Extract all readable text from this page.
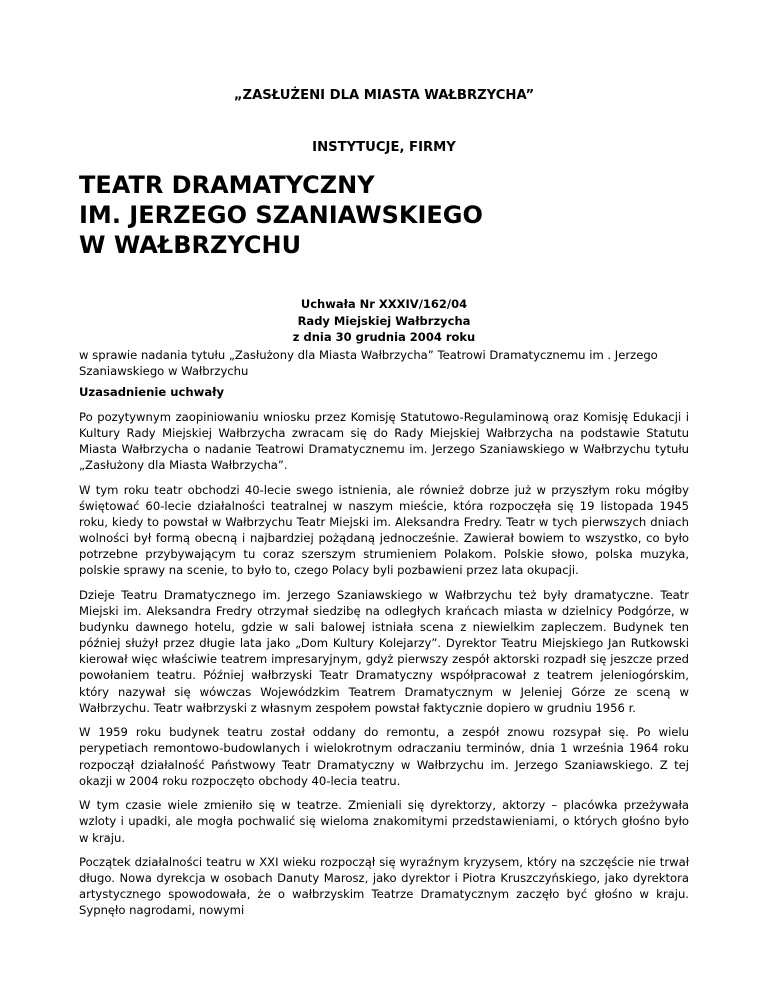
„ZASŁUŻENI DLA MIASTA WAŁBRZYCHA”
INSTYTUCJE, FIRMY
TEATR DRAMATYCZNY
IM. JERZEGO SZANIAWSKIEGO
W WAŁBRZYCHU
Uchwała Nr XXXIV/162/04
Rady Miejskiej Wałbrzycha
z dnia 30 grudnia 2004 roku

w sprawie nadania tytułu „Zasłużony dla Miasta Wałbrzycha” Teatrowi Dramatycznemu im . Jerzego Szaniawskiego w Wałbrzychu

Uzasadnienie uchwały

Po pozytywnym zaopiniowaniu wniosku przez Komisję Statutowo-Regulaminową oraz Komisję Edukacji i Kultury Rady Miejskiej Wałbrzycha zwracam się do Rady Miejskiej Wałbrzycha na podstawie Statutu Miasta Wałbrzycha o nadanie Teatrowi Dramatycznemu im. Jerzego Szaniawskiego w Wałbrzychu tytułu „Zasłużony dla Miasta Wałbrzycha”.

W tym roku teatr obchodzi 40-lecie swego istnienia, ale również dobrze już w przyszłym roku mógłby świętować 60-lecie działalności teatralnej w naszym mieście, która rozpoczęła się 19 listopada 1945 roku, kiedy to powstał w Wałbrzychu Teatr Miejski im. Aleksandra Fredry. Teatr w tych pierwszych dniach wolności był formą obecną i najbardziej pożądaną jednocześnie. Zawierał bowiem to wszystko, co było potrzebne przybywającym tu coraz szerszym strumieniem Polakom. Polskie słowo, polska muzyka, polskie sprawy na scenie, to było to, czego Polacy byli pozbawieni przez lata okupacji.

Dzieje Teatru Dramatycznego im. Jerzego Szaniawskiego w Wałbrzychu też były dramatyczne. Teatr Miejski im. Aleksandra Fredry otrzymał siedzibę na odległych krańcach miasta w dzielnicy Podgórze, w budynku dawnego hotelu, gdzie w sali balowej istniała scena z niewielkim zapleczem. Budynek ten później służył przez długie lata jako „Dom Kultury Kolejarzy”. Dyrektor Teatru Miejskiego Jan Rutkowski kierował więc właściwie teatrem impresaryjnym, gdyż pierwszy zespół aktorski rozpadł się jeszcze przed powołaniem teatru. Później wałbrzyski Teatr Dramatyczny współpracował z teatrem jeleniogórskim, który nazywał się wówczas Wojewódzkim Teatrem Dramatycznym w Jeleniej Górze ze sceną w Wałbrzychu. Teatr wałbrzyski z własnym zespołem powstał faktycznie dopiero w grudniu 1956 r.

W 1959 roku budynek teatru został oddany do remontu, a zespół znowu rozsypał się. Po wielu perypetiach remontowo-budowlanych i wielokrotnym odraczaniu terminów, dnia 1 września 1964 roku rozpoczął działalność Państwowy Teatr Dramatyczny w Wałbrzychu im. Jerzego Szaniawskiego. Z tej okazji w 2004 roku rozpoczęto obchody 40-lecia teatru.

W tym czasie wiele zmieniło się w teatrze. Zmieniali się dyrektorzy, aktorzy – placówka przeżywała wzloty i upadki, ale mogła pochwalić się wieloma znakomitymi przedstawieniami, o których głośno było w kraju.

Początek działalności teatru w XXI wieku rozpoczął się wyraźnym kryzysem, który na szczęście nie trwał długo. Nowa dyrekcja w osobach Danuty Marosz, jako dyrektor i Piotra Kruszczyńskiego, jako dyrektora artystycznego spowodowała, że o wałbrzyskim Teatrze Dramatycznym zaczęło być głośno w kraju. Sypnęło nagrodami, nowymi
